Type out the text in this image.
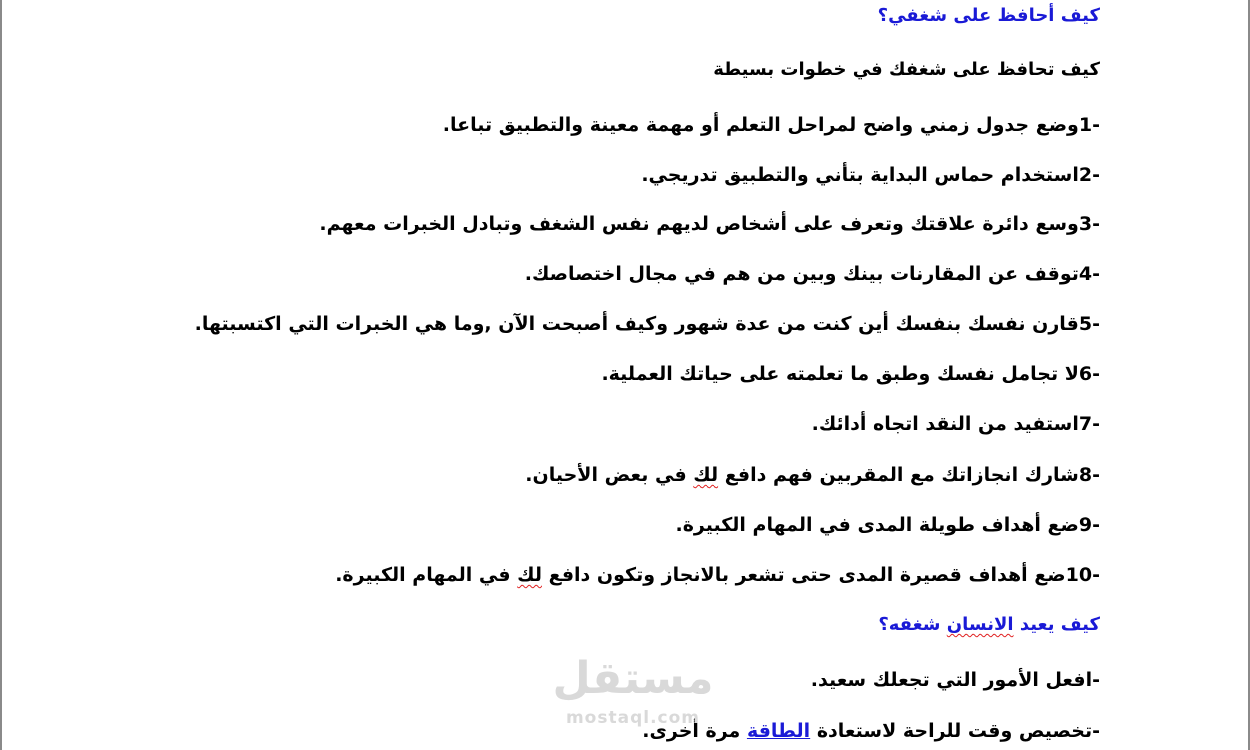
كيف أحافظ على شغفي؟
كيف تحافظ على شغفك في خطوات بسيطة
-1وضع جدول زمني واضح لمراحل التعلم أو مهمة معينة والتطبيق تباعا.
-2استخدام حماس البداية بتأني والتطبيق تدريجي.
-3وسع دائرة علاقتك وتعرف على أشخاص لديهم نفس الشغف وتبادل الخبرات معهم.
-4توقف عن المقارنات بينك وبين من هم في مجال اختصاصك.
-5قارن نفسك بنفسك أين كنت من عدة شهور وكيف أصبحت الآن ,وما هي الخبرات التي اكتسبتها.
-6لا تجامل نفسك وطبق ما تعلمته على حياتك العملية.
-7استفيد من النقد اتجاه أدائك.
-8شارك انجازاتك مع المقربين فهم دافع لك في بعض الأحيان.
-9ضع أهداف طويلة المدى في المهام الكبيرة.
-10ضع أهداف قصيرة المدى حتى تشعر بالانجاز وتكون دافع لك في المهام الكبيرة.
كيف يعيد الانسان شغفه؟
-افعل الأمور التي تجعلك سعيد.
-تخصيص وقت للراحة لاستعادة الطاقة مرة أخرى.
مستقل
mostaql.com
